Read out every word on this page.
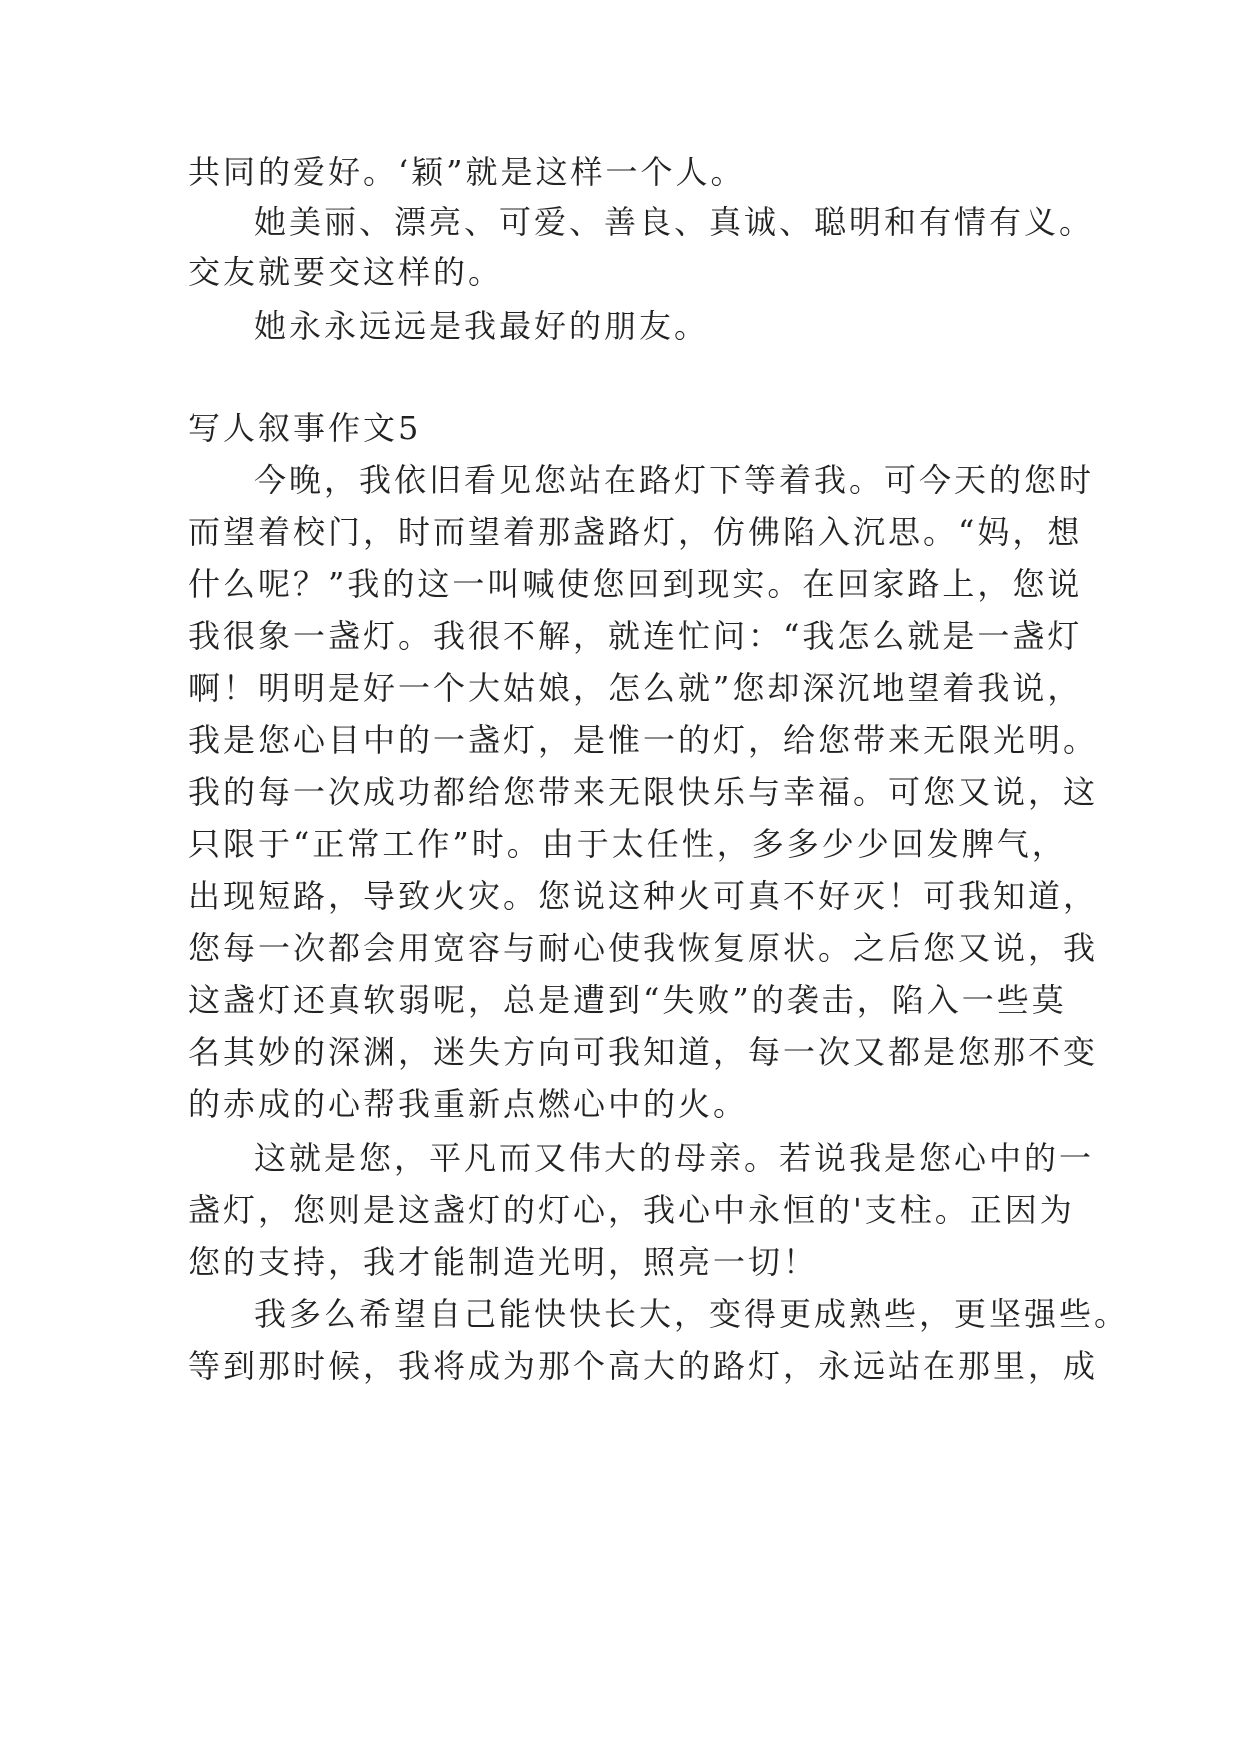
共同的爱好。‘颖”就是这样一个人。
她美丽、漂亮、可爱、善良、真诚、聪明和有情有义。
交友就要交这样的。
她永永远远是我最好的朋友。
写人叙事作文5
今晚，我依旧看见您站在路灯下等着我。可今天的您时
而望着校门，时而望着那盏路灯，仿佛陷入沉思。“妈，想
什么呢？”我的这一叫喊使您回到现实。在回家路上，您说
我很象一盏灯。我很不解，就连忙问：“我怎么就是一盏灯
啊！明明是好一个大姑娘，怎么就”您却深沉地望着我说，
我是您心目中的一盏灯，是惟一的灯，给您带来无限光明。
我的每一次成功都给您带来无限快乐与幸福。可您又说，这
只限于“正常工作”时。由于太任性，多多少少回发脾气，
出现短路，导致火灾。您说这种火可真不好灭！可我知道，
您每一次都会用宽容与耐心使我恢复原状。之后您又说，我
这盏灯还真软弱呢，总是遭到“失败”的袭击，陷入一些莫
名其妙的深渊，迷失方向可我知道，每一次又都是您那不变
的赤成的心帮我重新点燃心中的火。
这就是您，平凡而又伟大的母亲。若说我是您心中的一
盏灯，您则是这盏灯的灯心，我心中永恒的'支柱。正因为
您的支持，我才能制造光明，照亮一切！
我多么希望自己能快快长大，变得更成熟些，更坚强些。
等到那时候，我将成为那个高大的路灯，永远站在那里，成
